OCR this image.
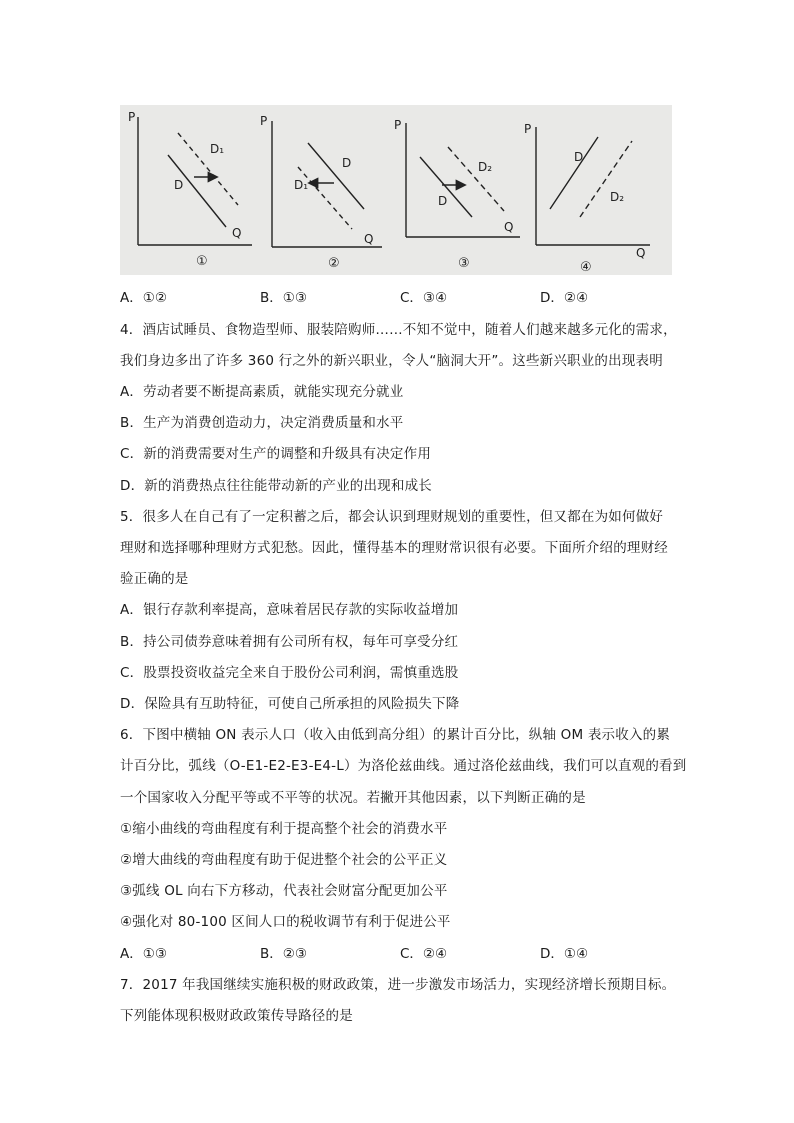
P
Q
D
D₁
①
P
Q
D
D₁
②
P
Q
D
D₂
③
P
Q
D
D₂
④
A．①②	B．①③	C．③④	D．②④
4．酒店试睡员、食物造型师、服装陪购师……不知不觉中，随着人们越来越多元化的需求，
我们身边多出了许多 360 行之外的新兴职业，令人“脑洞大开”。这些新兴职业的出现表明
A．劳动者要不断提高素质，就能实现充分就业
B．生产为消费创造动力，决定消费质量和水平
C．新的消费需要对生产的调整和升级具有决定作用
D．新的消费热点往往能带动新的产业的出现和成长
5．很多人在自己有了一定积蓄之后，都会认识到理财规划的重要性，但又都在为如何做好
理财和选择哪种理财方式犯愁。因此，懂得基本的理财常识很有必要。下面所介绍的理财经
验正确的是
A．银行存款利率提高，意味着居民存款的实际收益增加
B．持公司债券意味着拥有公司所有权，每年可享受分红
C．股票投资收益完全来自于股份公司利润，需慎重选股
D．保险具有互助特征，可使自己所承担的风险损失下降
6．下图中横轴 ON 表示人口（收入由低到高分组）的累计百分比，纵轴 OM 表示收入的累
计百分比，弧线（O-E1-E2-E3-E4-L）为洛伦兹曲线。通过洛伦兹曲线，我们可以直观的看到
一个国家收入分配平等或不平等的状况。若撇开其他因素，以下判断正确的是
①缩小曲线的弯曲程度有利于提高整个社会的消费水平
②增大曲线的弯曲程度有助于促进整个社会的公平正义
③弧线 OL 向右下方移动，代表社会财富分配更加公平
④强化对 80-100 区间人口的税收调节有利于促进公平
A．①③	B．②③	C．②④	D．①④
7．2017 年我国继续实施积极的财政政策，进一步激发市场活力，实现经济增长预期目标。
下列能体现积极财政政策传导路径的是
